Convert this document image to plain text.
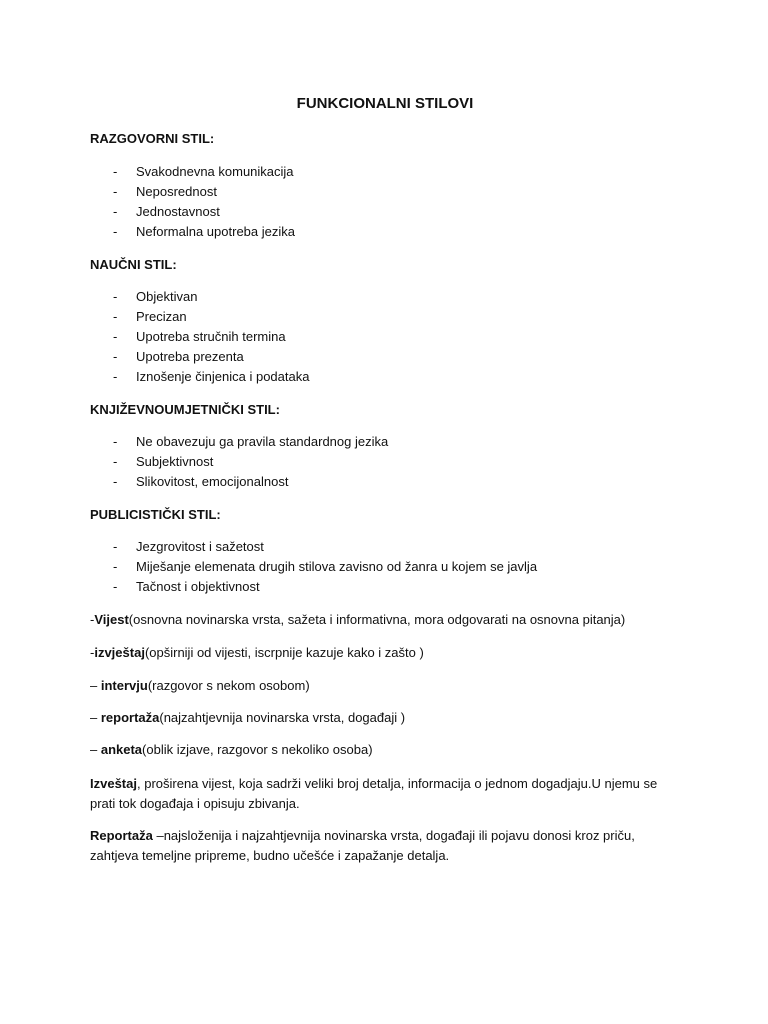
FUNKCIONALNI STILOVI

RAZGOVORNI STIL:

- Svakodnevna komunikacija
- Neposrednost
- Jednostavnost
- Neformalna upotreba jezika

NAUČNI STIL:

- Objektivan
- Precizan
- Upotreba stručnih termina
- Upotreba prezenta
- Iznošenje činjenica i podataka

KNJIŽEVNOUMJETNIČKI STIL:

- Ne obavezuju ga pravila standardnog jezika
- Subjektivnost
- Slikovitost, emocijonalnost

PUBLICISTIČKI STIL:

- Jezgrovitost i sažetost
- Miješanje elemenata drugih stilova zavisno od žanra u kojem se javlja
- Tačnost i objektivnost

-Vijest(osnovna novinarska vrsta, sažeta i informativna, mora odgovarati na osnovna pitanja)

-izvještaj(opširniji od vijesti, iscrpnije kazuje kako i zašto )

– intervju(razgovor s nekom osobom)

– reportaža(najzahtjevnija novinarska vrsta, događaji )

– anketa(oblik izjave, razgovor s nekoliko osoba)

Izveštaj, proširena vijest, koja sadrži veliki broj detalja, informacija o jednom dogadjaju.U njemu se prati tok događaja i opisuju zbivanja.

Reportaža –najsloženija i najzahtjevnija novinarska vrsta, događaji ili pojavu donosi kroz priču, zahtjeva temeljne pripreme, budno učešće i zapažanje detalja.
